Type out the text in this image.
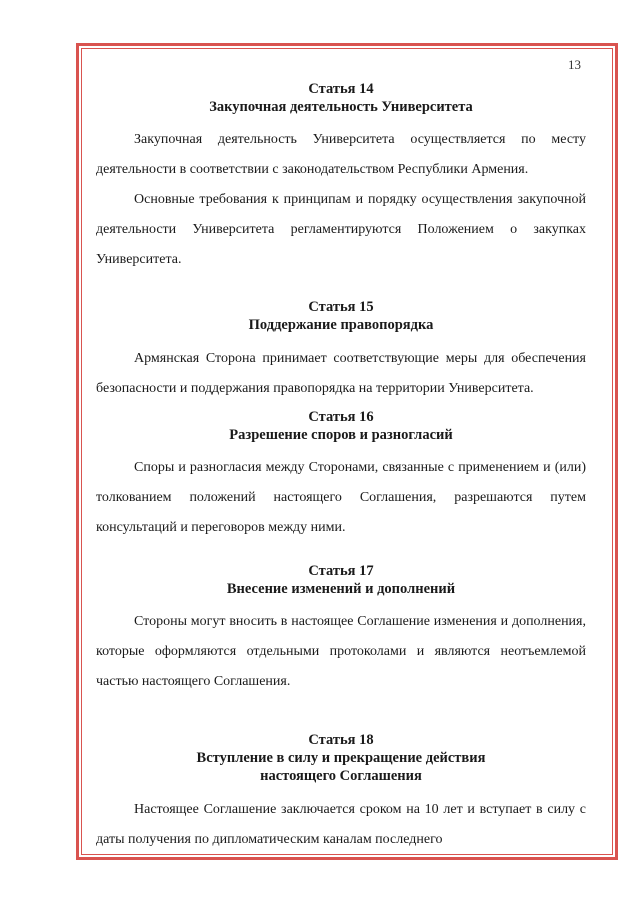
13

Статья 14

Закупочная деятельность Университета

Закупочная деятельность Университета осуществляется по месту деятельности в соответствии с законодательством Республики Армения.

Основные требования к принципам и порядку осуществления закупочной деятельности Университета регламентируются Положением о закупках Университета.

Статья 15

Поддержание правопорядка

Армянская Сторона принимает соответствующие меры для обеспечения безопасности и поддержания правопорядка на территории Университета.

Статья 16

Разрешение споров и разногласий

Споры и разногласия между Сторонами, связанные с применением и (или) толкованием положений настоящего Соглашения, разрешаются путем консультаций и переговоров между ними.

Статья 17

Внесение изменений и дополнений

Стороны могут вносить в настоящее Соглашение изменения и дополнения, которые оформляются отдельными протоколами и являются неотъемлемой частью настоящего Соглашения.

Статья 18

Вступление в силу и прекращение действия

настоящего Соглашения

Настоящее Соглашение заключается сроком на 10 лет и вступает в силу с даты получения по дипломатическим каналам последнего
